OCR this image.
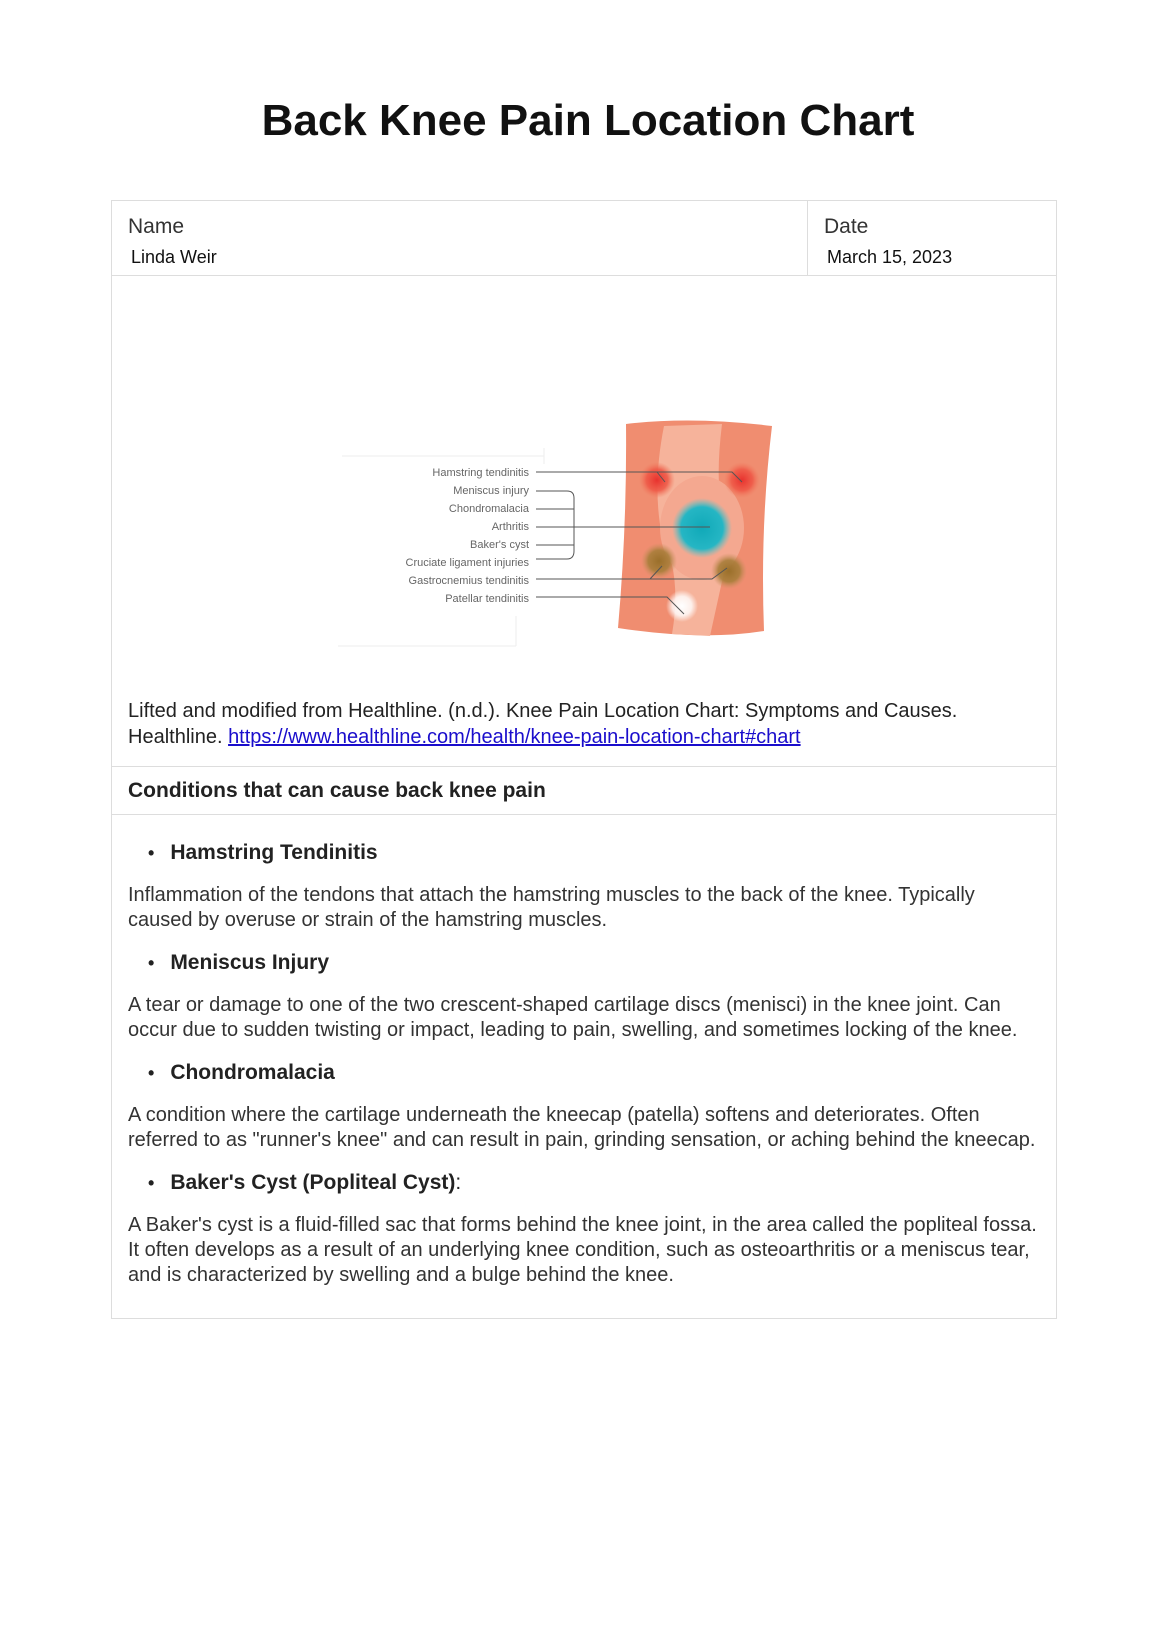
Back Knee Pain Location Chart
Name
Linda Weir
Date
March 15, 2023
Hamstring tendinitis
Meniscus injury
Chondromalacia
Arthritis
Baker's cyst
Cruciate ligament injuries
Gastrocnemius tendinitis
Patellar tendinitis
Lifted and modified from Healthline. (n.d.). Knee Pain Location Chart: Symptoms and Causes. Healthline. https://www.healthline.com/health/knee-pain-location-chart#chart
Conditions that can cause back knee pain
• Hamstring Tendinitis

Inflammation of the tendons that attach the hamstring muscles to the back of the knee. Typically caused by overuse or strain of the hamstring muscles.

• Meniscus Injury

A tear or damage to one of the two crescent-shaped cartilage discs (menisci) in the knee joint. Can occur due to sudden twisting or impact, leading to pain, swelling, and sometimes locking of the knee.

• Chondromalacia

A condition where the cartilage underneath the kneecap (patella) softens and deteriorates. Often referred to as "runner's knee" and can result in pain, grinding sensation, or aching behind the kneecap.

• Baker's Cyst (Popliteal Cyst) :

A Baker's cyst is a fluid-filled sac that forms behind the knee joint, in the area called the popliteal fossa. It often develops as a result of an underlying knee condition, such as osteoarthritis or a meniscus tear, and is characterized by swelling and a bulge behind the knee.
